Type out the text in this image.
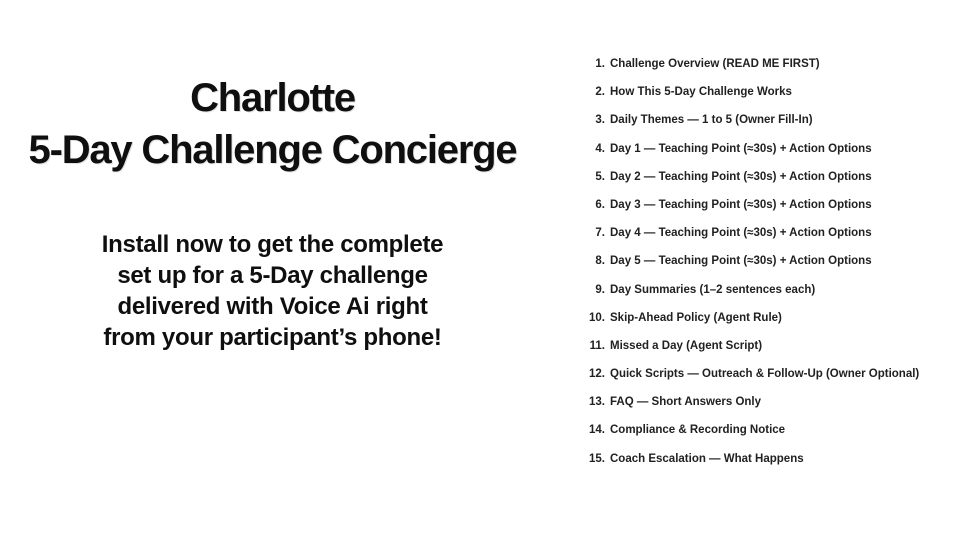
Charlotte
5-Day Challenge Concierge
Install now to get the complete
set up for a 5-Day challenge
delivered with Voice Ai right
from your participant’s phone!
1. Challenge Overview (READ ME FIRST)
2. How This 5-Day Challenge Works
3. Daily Themes — 1 to 5 (Owner Fill-In)
4. Day 1 — Teaching Point (≈30s) + Action Options
5. Day 2 — Teaching Point (≈30s) + Action Options
6. Day 3 — Teaching Point (≈30s) + Action Options
7. Day 4 — Teaching Point (≈30s) + Action Options
8. Day 5 — Teaching Point (≈30s) + Action Options
9. Day Summaries (1–2 sentences each)
10. Skip-Ahead Policy (Agent Rule)
11. Missed a Day (Agent Script)
12. Quick Scripts — Outreach & Follow-Up (Owner Optional)
13. FAQ — Short Answers Only
14. Compliance & Recording Notice
15. Coach Escalation — What Happens
